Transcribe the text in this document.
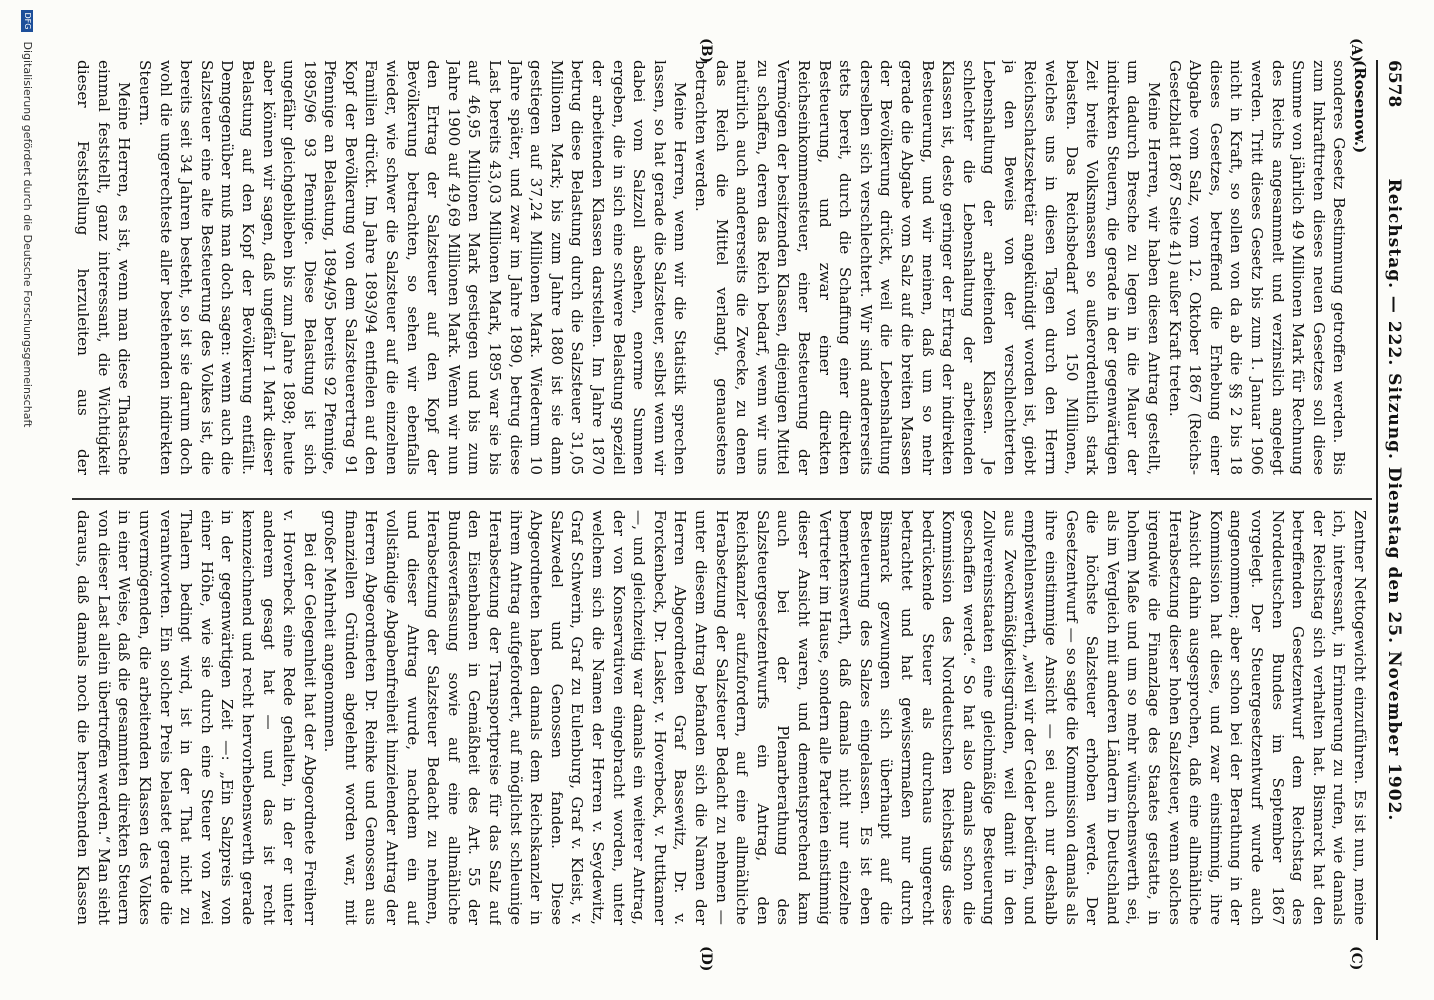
6578
Reichstag. — 222. Sitzung. Dienstag den 25. November 1902.
(A)
(B)
(C)
(D)
(Rosenow.)

sonderes Gesetz Bestimmung getroffen werden. Bis zum Inkrafttreten dieses neuen Gesetzes soll diese Summe von jährlich 49 Millionen Mark für Rechnung des Reichs angesammelt und verzinslich angelegt werden. Tritt dieses Gesetz bis zum 1. Januar 1906 nicht in Kraft, so sollen von da ab die §§ 2 bis 18 dieses Gesetzes, betreffend die Erhebung einer Abgabe vom Salz, vom 12. Oktober 1867 (Reichs-Gesetzblatt 1867 Seite 41) außer Kraft treten.

Meine Herren, wir haben diesen Antrag gestellt, um dadurch Bresche zu legen in die Mauer der indirekten Steuern, die gerade in der gegenwärtigen Zeit breite Volksmassen so außerordentlich stark belasten. Das Reichsbedarf von 150 Millionen, welches uns in diesen Tagen durch den Herrn Reichsschatzsekretär angekündigt worden ist, giebt ja den Beweis von der verschlechterten Lebenshaltung der arbeitenden Klassen. Je schlechter die Lebenshaltung der arbeitenden Klassen ist, desto geringer der Ertrag der indirekten Besteuerung, und wir meinen, daß um so mehr gerade die Abgabe vom Salz auf die breiten Massen der Bevölkerung drückt, weil die Lebenshaltung derselben sich verschlechtert. Wir sind andererseits stets bereit, durch die Schaffung einer direkten Besteuerung, und zwar einer direkten Reichseinkommensteuer, einer Besteuerung der Vermögen der besitzenden Klassen, diejenigen Mittel zu schaffen, deren das Reich bedarf, wenn wir uns natürlich auch andererseits die Zwecke, zu denen das Reich die Mittel verlangt, genauestens betrachten werden.

Meine Herren, wenn wir die Statistik sprechen lassen, so hat gerade die Salzsteuer, selbst wenn wir dabei vom Salzzoll absehen, enorme Summen ergeben, die in sich eine schwere Belastung speziell der arbeitenden Klassen darstellen. Im Jahre 1870 betrug diese Belastung durch die Salzsteuer 31,05 Millionen Mark; bis zum Jahre 1880 ist sie dann gestiegen auf 37,24 Millionen Mark. Wiederum 10 Jahre später, und zwar im Jahre 1890, betrug diese Last bereits 43,03 Millionen Mark, 1895 war sie bis auf 46,95 Millionen Mark gestiegen und bis zum Jahre 1900 auf 49,69 Millionen Mark. Wenn wir nun den Ertrag der Salzsteuer auf den Kopf der Bevölkerung betrachten, so sehen wir ebenfalls wieder, wie schwer die Salzsteuer auf die einzelnen Familien drückt. Im Jahre 1893/94 entfielen auf den Kopf der Bevölkerung von dem Salzsteuerertrag 91 Pfennige an Belastung, 1894/95 bereits 92 Pfennige, 1895/96 93 Pfennige. Diese Belastung ist sich ungefähr gleichgeblieben bis zum Jahre 1898; heute aber können wir sagen, daß ungefähr 1 Mark dieser Belastung auf den Kopf der Bevölkerung entfällt. Demgegenüber muß man doch sagen: wenn auch die Salzsteuer eine alte Besteuerung des Volkes ist, die bereits seit 34 Jahren besteht, so ist sie darum doch wohl die ungerechteste aller bestehenden indirekten Steuern.

Meine Herren, es ist, wenn man diese Thatsache einmal feststellt, ganz interessant, die Wichtigkeit dieser Feststellung herzuleiten aus der

Zentner Nettogewicht einzuführen. Es ist nun, meine ich, interessant, in Erinnerung zu rufen, wie damals der Reichstag sich verhalten hat. Bismarck hat den betreffenden Gesetzentwurf dem Reichstag des Norddeutschen Bundes im September 1867 vorgelegt. Der Steuergesetzentwurf wurde auch angenommen; aber schon bei der Berathung in der Kommission hat diese, und zwar einstimmig, ihre Ansicht dahin ausgesprochen, daß eine allmähliche Herabsetzung dieser hohen Salzsteuer, wenn solches irgendwie die Finanzlage des Staates gestatte, in hohem Maße und um so mehr wünschenswerth sei, als im Vergleich mit anderen Ländern in Deutschland die höchste Salzsteuer erhoben werde. Der Gesetzentwurf — so sagte die Kommission damals als ihre einstimmige Ansicht — sei auch nur deshalb empfehlenswerth, „weil wir der Gelder bedürfen, und aus Zweckmäßigkeitsgründen, weil damit in den Zollvereinsstaaten eine gleichmäßige Besteuerung geschaffen werde.“ So hat also damals schon die Kommission des Norddeutschen Reichstags diese bedrückende Steuer als durchaus ungerecht betrachtet und hat gewissermaßen nur durch Bismarck gezwungen sich überhaupt auf die Besteuerung des Salzes eingelassen. Es ist eben bemerkenswerth, daß damals nicht nur einzelne Vertreter im Hause, sondern alle Parteien einstimmig dieser Ansicht waren, und dementsprechend kam auch bei der Plenarberathung des Salzsteuergesetzentwurfs ein Antrag, den Reichskanzler aufzufordern, auf eine allmähliche Herabsetzung der Salzsteuer Bedacht zu nehmen — unter diesem Antrag befanden sich die Namen der Herren Abgeordneten Graf Bassewitz, Dr. v. Forckenbeck, Dr. Lasker, v. Hoverbeck, v. Puttkamer —, und gleichzeitig war damals ein weiterer Antrag, der von Konservativen eingebracht worden, unter welchem sich die Namen der Herren v. Seydewitz, Graf Schwerin, Graf zu Eulenburg, Graf v. Kleist, v. Salzwedel und Genossen fanden. Diese Abgeordneten haben damals dem Reichskanzler in ihrem Antrag aufgefordert, auf möglichst schleunige Herabsetzung der Transportpreise für das Salz auf den Eisenbahnen in Gemäßheit des Art. 55 der Bundesverfassung sowie auf eine allmähliche Herabsetzung der Salzsteuer Bedacht zu nehmen, und dieser Antrag wurde, nachdem ein auf vollständige Abgabenfreiheit hinzielender Antrag der Herren Abgeordneten Dr. Reinke und Genossen aus finanziellen Gründen abgelehnt worden war, mit großer Mehrheit angenommen.

Bei der Gelegenheit hat der Abgeordnete Freiherr v. Hoverbeck eine Rede gehalten, in der er unter anderem gesagt hat — und das ist recht kennzeichnend und recht hervorhebenswerth gerade in der gegenwärtigen Zeit —: „Ein Salzpreis von einer Höhe, wie sie durch eine Steuer von zwei Thalern bedingt wird, ist in der That nicht zu verantworten. Ein solcher Preis belastet gerade die unvermögenden, die arbeitenden Klassen des Volkes in einer Weise, daß die gesammten direkten Steuern von dieser Last allein übertroffen werden.“ Man sieht daraus, daß damals noch die herrschenden Klassen

DFG Digitalisierung gefördert durch die Deutsche Forschungsgemeinschaft
